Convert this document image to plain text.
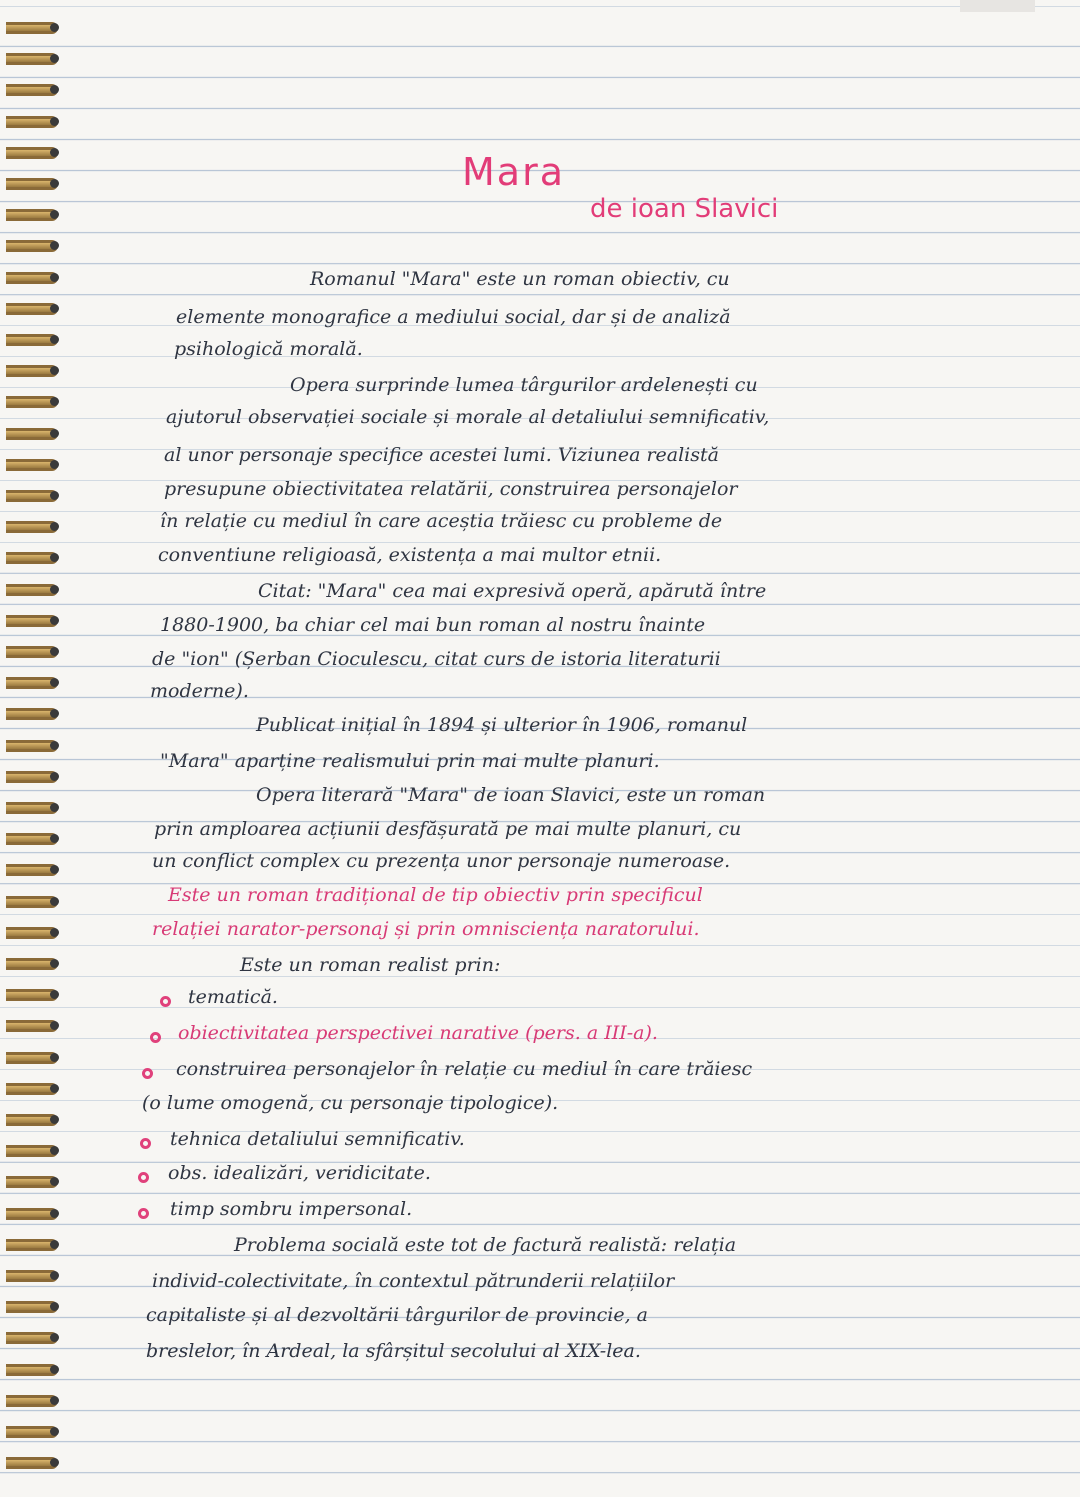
Mara
de ioan Slavici
Romanul "Mara" este un roman obiectiv, cu
elemente monografice a mediului social, dar și de analiză
psihologică morală.
Opera surprinde lumea târgurilor ardelenești cu
ajutorul observației sociale și morale al detaliului semnificativ,
al unor personaje specifice acestei lumi. Viziunea realistă
presupune obiectivitatea relatării, construirea personajelor
în relație cu mediul în care aceștia trăiesc cu probleme de
conventiune religioasă, existența a mai multor etnii.
Citat: "Mara" cea mai expresivă operă, apărută între
1880-1900, ba chiar cel mai bun roman al nostru înainte
de "ion" (Șerban Cioculescu, citat curs de istoria literaturii
moderne).
Publicat inițial în 1894 și ulterior în 1906, romanul
"Mara" aparține realismului prin mai multe planuri.
Opera literară "Mara" de ioan Slavici, este un roman
prin amploarea acțiunii desfășurată pe mai multe planuri, cu
un conflict complex cu prezența unor personaje numeroase.
Este un roman tradițional de tip obiectiv prin specificul
relației narator-personaj și prin omnisciența naratorului.
Este un roman realist prin:
tematică.
obiectivitatea perspectivei narative (pers. a III-a).
construirea personajelor în relație cu mediul în care trăiesc
(o lume omogenă, cu personaje tipologice).
tehnica detaliului semnificativ.
obs. idealizări, veridicitate.
timp sombru impersonal.
Problema socială este tot de factură realistă: relația
individ-colectivitate, în contextul pătrunderii relațiilor
capitaliste și al dezvoltării târgurilor de provincie, a
breslelor, în Ardeal, la sfârșitul secolului al XIX-lea.
